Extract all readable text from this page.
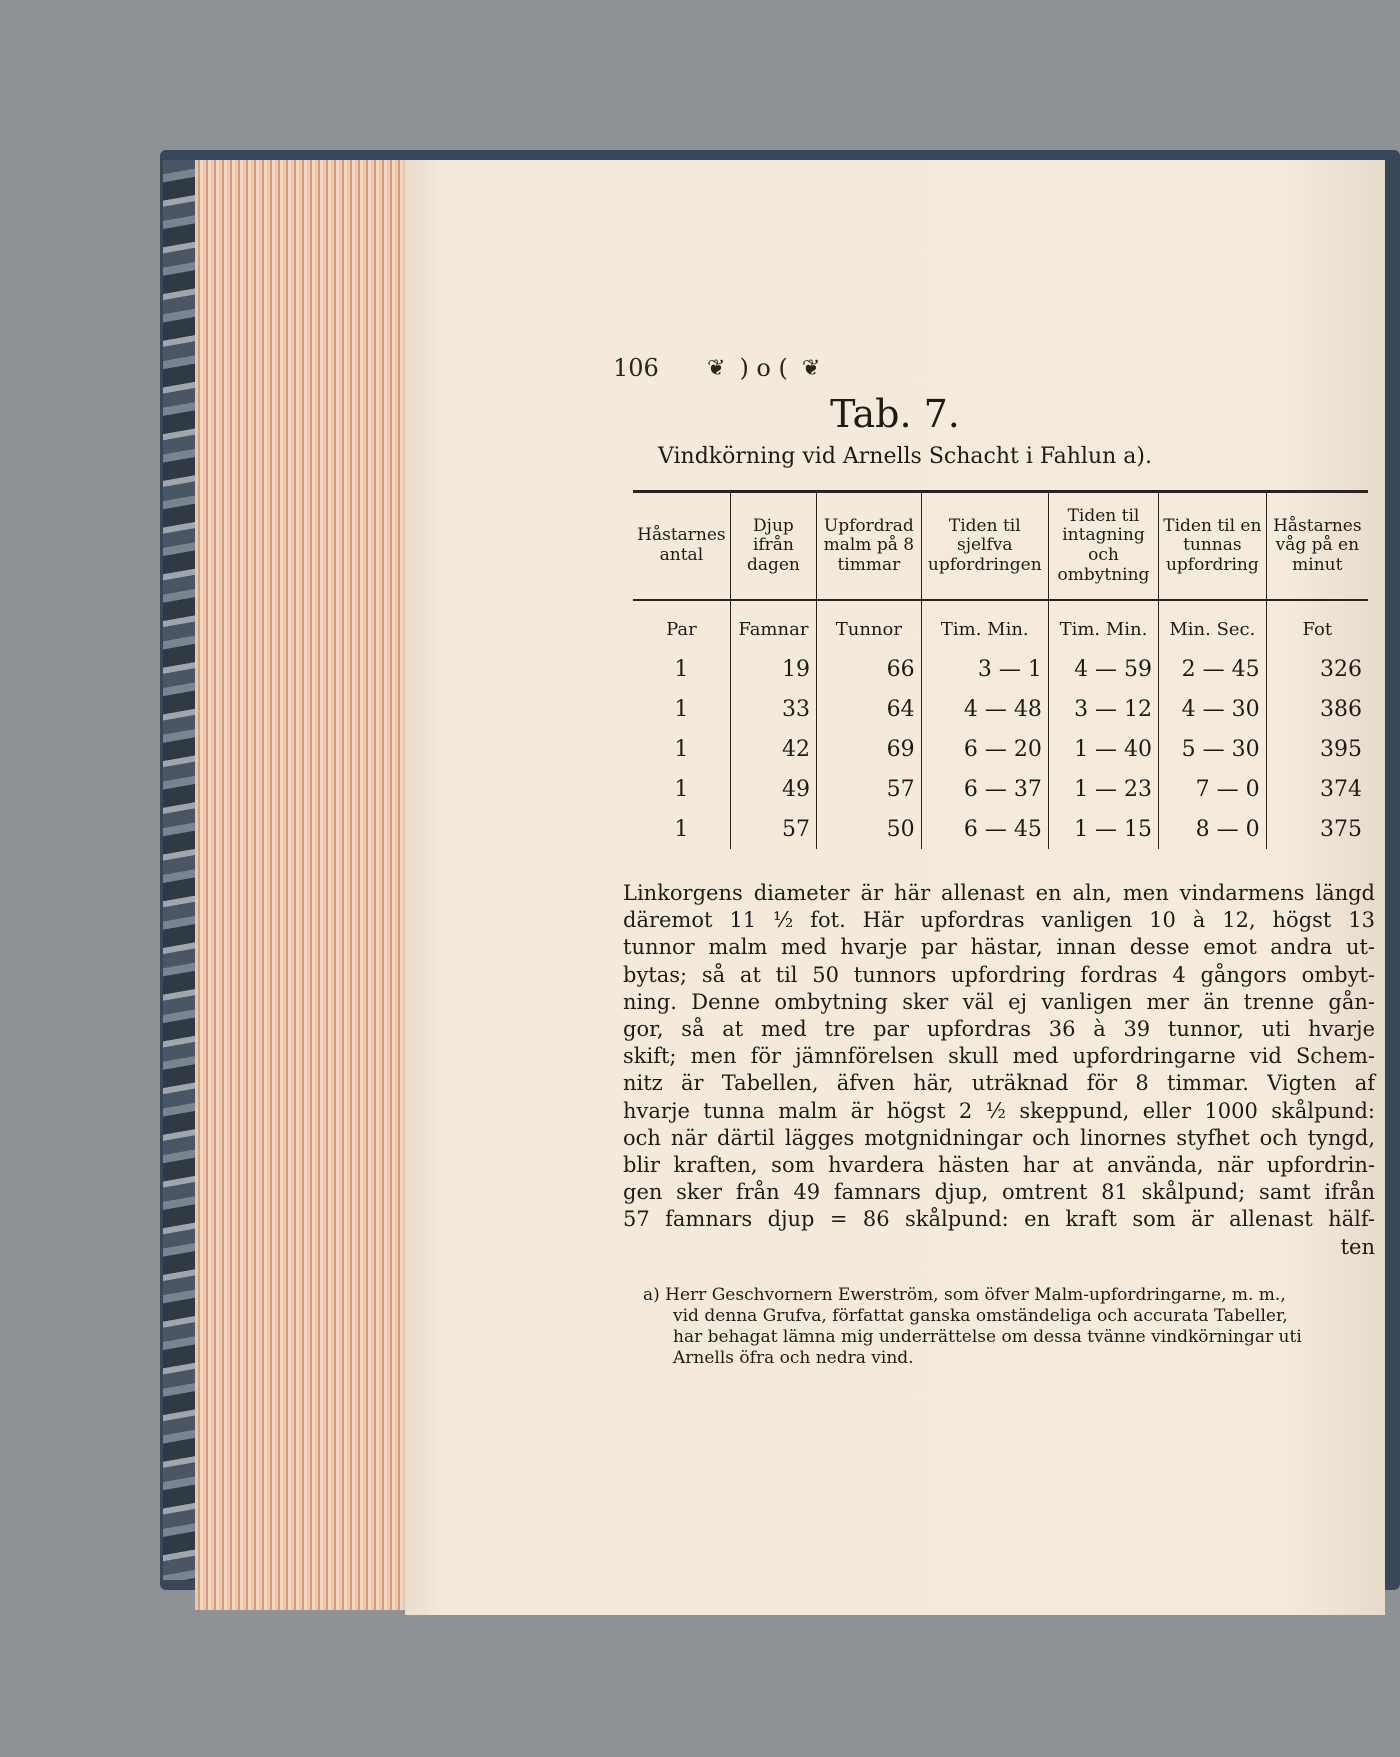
106	❦ ) o ( ❦
Tab. 7.
Vindkörning vid Arnells Schacht i Fahlun a).
Håstarnes antal	Djup ifrån dagen	Upfordrad malm på 8 timmar	Tiden til sjelfva upfordringen	Tiden til intagning och ombytning	Tiden til en tunnas upfordring	Håstarnes våg på en minut
Par	Famnar	Tunnor	Tim. Min.	Tim. Min.	Min. Sec.	Fot
1	19	66	3 — 1	4 — 59	2 — 45	326
1	33	64	4 — 48	3 — 12	4 — 30	386
1	42	69	6 — 20	1 — 40	5 — 30	395
1	49	57	6 — 37	1 — 23	7 — 0	374
1	57	50	6 — 45	1 — 15	8 — 0	375
Linkorgens diameter är här allenast en aln, men vindarmens längd
däremot 11 ½ fot. Här upfordras vanligen 10 à 12, högst 13
tunnor malm med hvarje par hästar, innan desse emot andra ut-
bytas; så at til 50 tunnors upfordring fordras 4 gångors ombyt-
ning. Denne ombytning sker väl ej vanligen mer än trenne gån-
gor, så at med tre par upfordras 36 à 39 tunnor, uti hvarje
skift; men för jämnförelsen skull med upfordringarne vid Schem-
nitz är Tabellen, äfven här, uträknad för 8 timmar. Vigten af
hvarje tunna malm är högst 2 ½ skeppund, eller 1000 skålpund:
och när därtil lägges motgnidningar och linornes styfhet och tyngd,
blir kraften, som hvardera hästen har at använda, när upfordrin-
gen sker från 49 famnars djup, omtrent 81 skålpund; samt ifrån
57 famnars djup = 86 skålpund: en kraft som är allenast hälf-
ten
a) Herr Geschvornern Ewerström, som öfver Malm-upfordringarne, m. m.,
vid denna Grufva, författat ganska omständeliga och accurata Tabeller,
har behagat lämna mig underrättelse om dessa tvänne vindkörningar uti
Arnells öfra och nedra vind.
